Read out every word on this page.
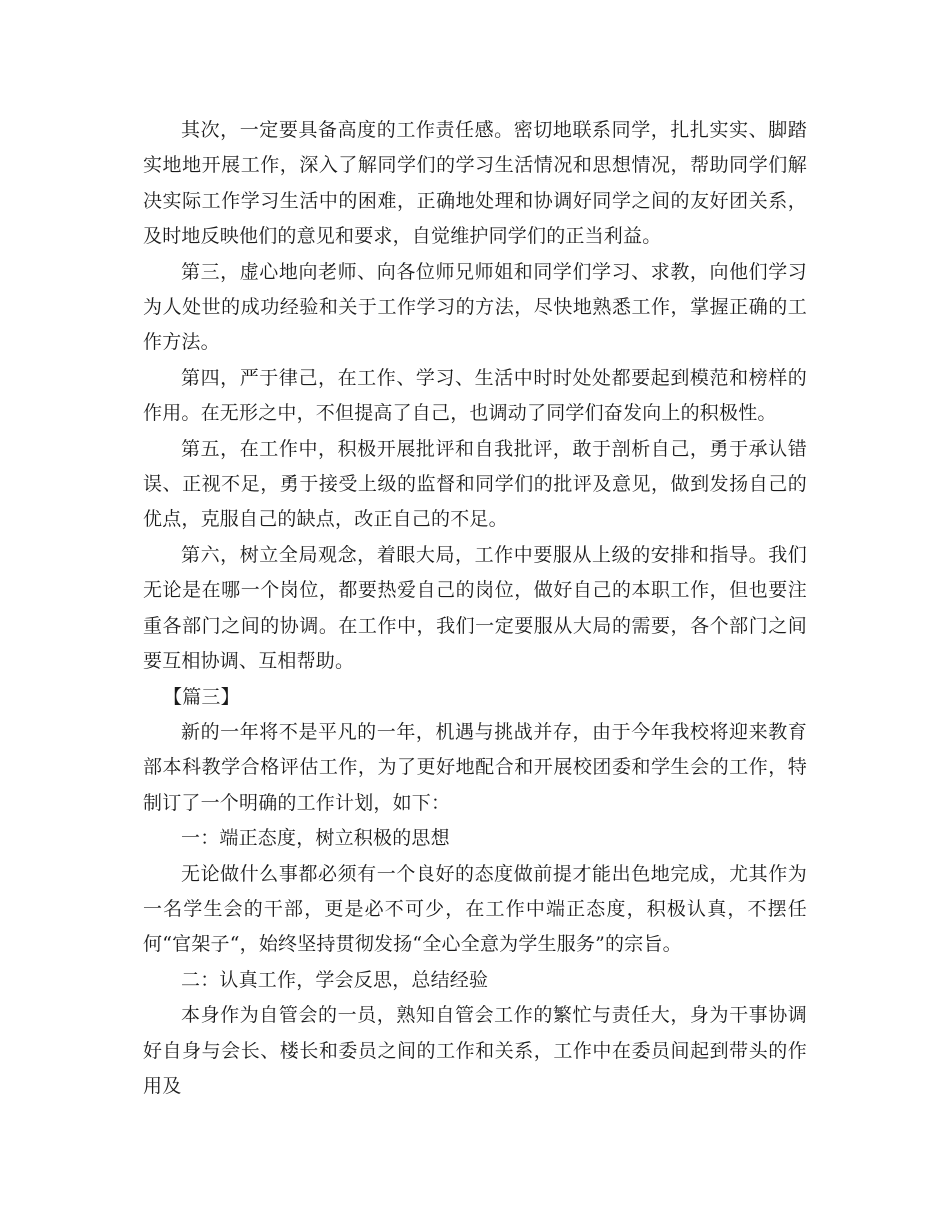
其次，一定要具备高度的工作责任感。密切地联系同学，扎扎实实、脚踏实地地开展工作，深入了解同学们的学习生活情况和思想情况，帮助同学们解决实际工作学习生活中的困难，正确地处理和协调好同学之间的友好团关系，及时地反映他们的意见和要求，自觉维护同学们的正当利益。

第三，虚心地向老师、向各位师兄师姐和同学们学习、求教，向他们学习为人处世的成功经验和关于工作学习的方法，尽快地熟悉工作，掌握正确的工作方法。

第四，严于律己，在工作、学习、生活中时时处处都要起到模范和榜样的作用。在无形之中，不但提高了自己，也调动了同学们奋发向上的积极性。

第五，在工作中，积极开展批评和自我批评，敢于剖析自己，勇于承认错误、正视不足，勇于接受上级的监督和同学们的批评及意见，做到发扬自己的优点，克服自己的缺点，改正自己的不足。

第六，树立全局观念，着眼大局，工作中要服从上级的安排和指导。我们无论是在哪一个岗位，都要热爱自己的岗位，做好自己的本职工作，但也要注重各部门之间的协调。在工作中，我们一定要服从大局的需要，各个部门之间要互相协调、互相帮助。

【篇三】

新的一年将不是平凡的一年，机遇与挑战并存，由于今年我校将迎来教育部本科教学合格评估工作，为了更好地配合和开展校团委和学生会的工作，特制订了一个明确的工作计划，如下：

一：端正态度，树立积极的思想

无论做什么事都必须有一个良好的态度做前提才能出色地完成，尤其作为一名学生会的干部，更是必不可少，在工作中端正态度，积极认真，不摆任何“官架子“，始终坚持贯彻发扬“全心全意为学生服务”的宗旨。

二：认真工作，学会反思，总结经验

本身作为自管会的一员，熟知自管会工作的繁忙与责任大，身为干事协调好自身与会长、楼长和委员之间的工作和关系，工作中在委员间起到带头的作用及
